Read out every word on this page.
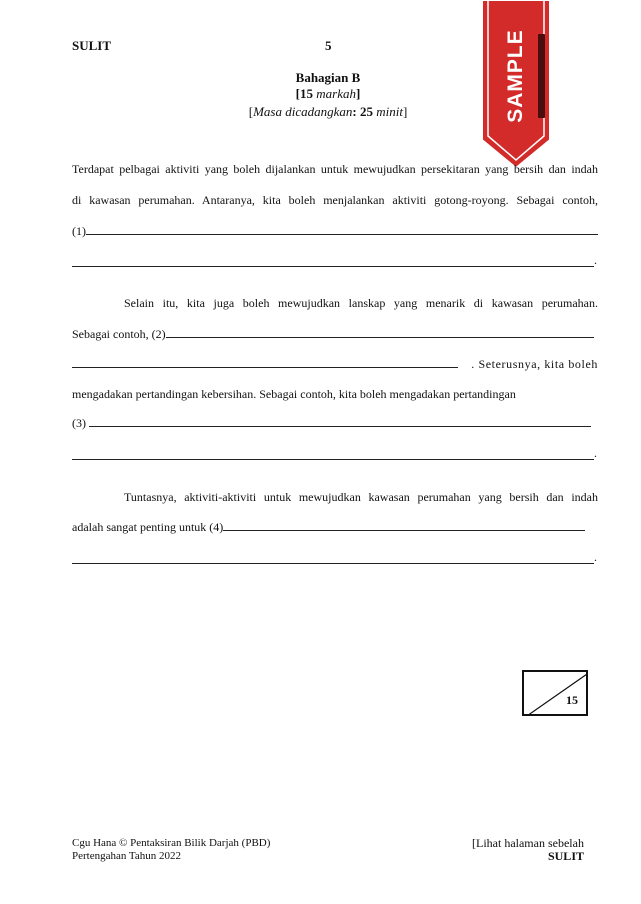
SULIT	5
Bahagian B
[15 markah]
[Masa dicadangkan: 25 minit]	SAMPLE
Terdapat pelbagai aktiviti yang boleh dijalankan untuk mewujudkan persekitaran yang bersih dan indah
di kawasan perumahan. Antaranya, kita boleh menjalankan aktiviti gotong-royong. Sebagai contoh,
(1)
.
Selain itu, kita juga boleh mewujudkan lanskap yang menarik di kawasan perumahan.
Sebagai contoh, (2)
. Seterusnya, kita boleh
mengadakan pertandingan kebersihan. Sebagai contoh, kita boleh mengadakan pertandingan
(3)
.
Tuntasnya, aktiviti-aktiviti untuk mewujudkan kawasan perumahan yang bersih dan indah
adalah sangat penting untuk (4)
.
15
Cgu Hana © Pentaksiran Bilik Darjah (PBD)
Pertengahan Tahun 2022
[Lihat halaman sebelah
SULIT
